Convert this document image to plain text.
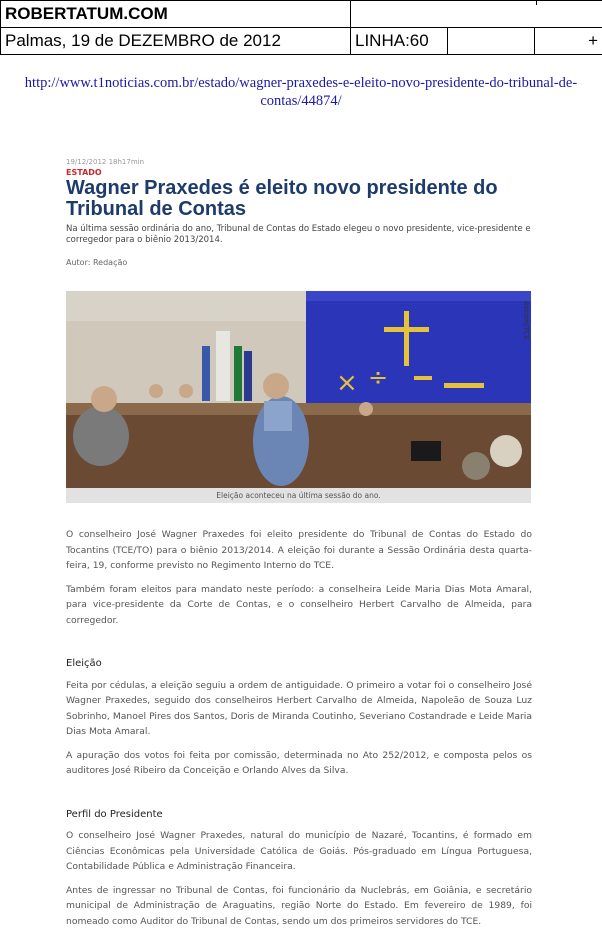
ROBERTATUM.COM			
Palmas, 19 de DEZEMBRO de 2012	LINHA:60		+
http://www.t1noticias.com.br/estado/wagner-praxedes-e-eleito-novo-presidente-do-tribunal-de-contas/44874/
19/12/2012 18h17min
ESTADO
Wagner Praxedes é eleito novo presidente do Tribunal de Contas
Na última sessão ordinária do ano, Tribunal de Contas do Estado elegeu o novo presidente, vice-presidente e corregedor para o biênio 2013/2014.
Autor: Redação
× ÷
Ascom/TCE
Eleição aconteceu na última sessão do ano.

O conselheiro José Wagner Praxedes foi eleito presidente do Tribunal de Contas do Estado do Tocantins (TCE/TO) para o biênio 2013/2014. A eleição foi durante a Sessão Ordinária desta quarta-feira, 19, conforme previsto no Regimento Interno do TCE.

Também foram eleitos para mandato neste período: a conselheira Leide Maria Dias Mota Amaral, para vice-presidente da Corte de Contas, e o conselheiro Herbert Carvalho de Almeida, para corregedor.

Eleição

Feita por cédulas, a eleição seguiu a ordem de antiguidade. O primeiro a votar foi o conselheiro José Wagner Praxedes, seguido dos conselheiros Herbert Carvalho de Almeida, Napoleão de Souza Luz Sobrinho, Manoel Pires dos Santos, Doris de Miranda Coutinho, Severiano Costandrade e Leide Maria Dias Mota Amaral.

A apuração dos votos foi feita por comissão, determinada no Ato 252/2012, e composta pelos os auditores José Ribeiro da Conceição e Orlando Alves da Silva.

Perfil do Presidente

O conselheiro José Wagner Praxedes, natural do município de Nazaré, Tocantins, é formado em Ciências Econômicas pela Universidade Católica de Goiás. Pós-graduado em Língua Portuguesa, Contabilidade Pública e Administração Financeira.

Antes de ingressar no Tribunal de Contas, foi funcionário da Nuclebrás, em Goiânia, e secretário municipal de Administração de Araguatins, região Norte do Estado. Em fevereiro de 1989, foi nomeado como Auditor do Tribunal de Contas, sendo um dos primeiros servidores do TCE.
